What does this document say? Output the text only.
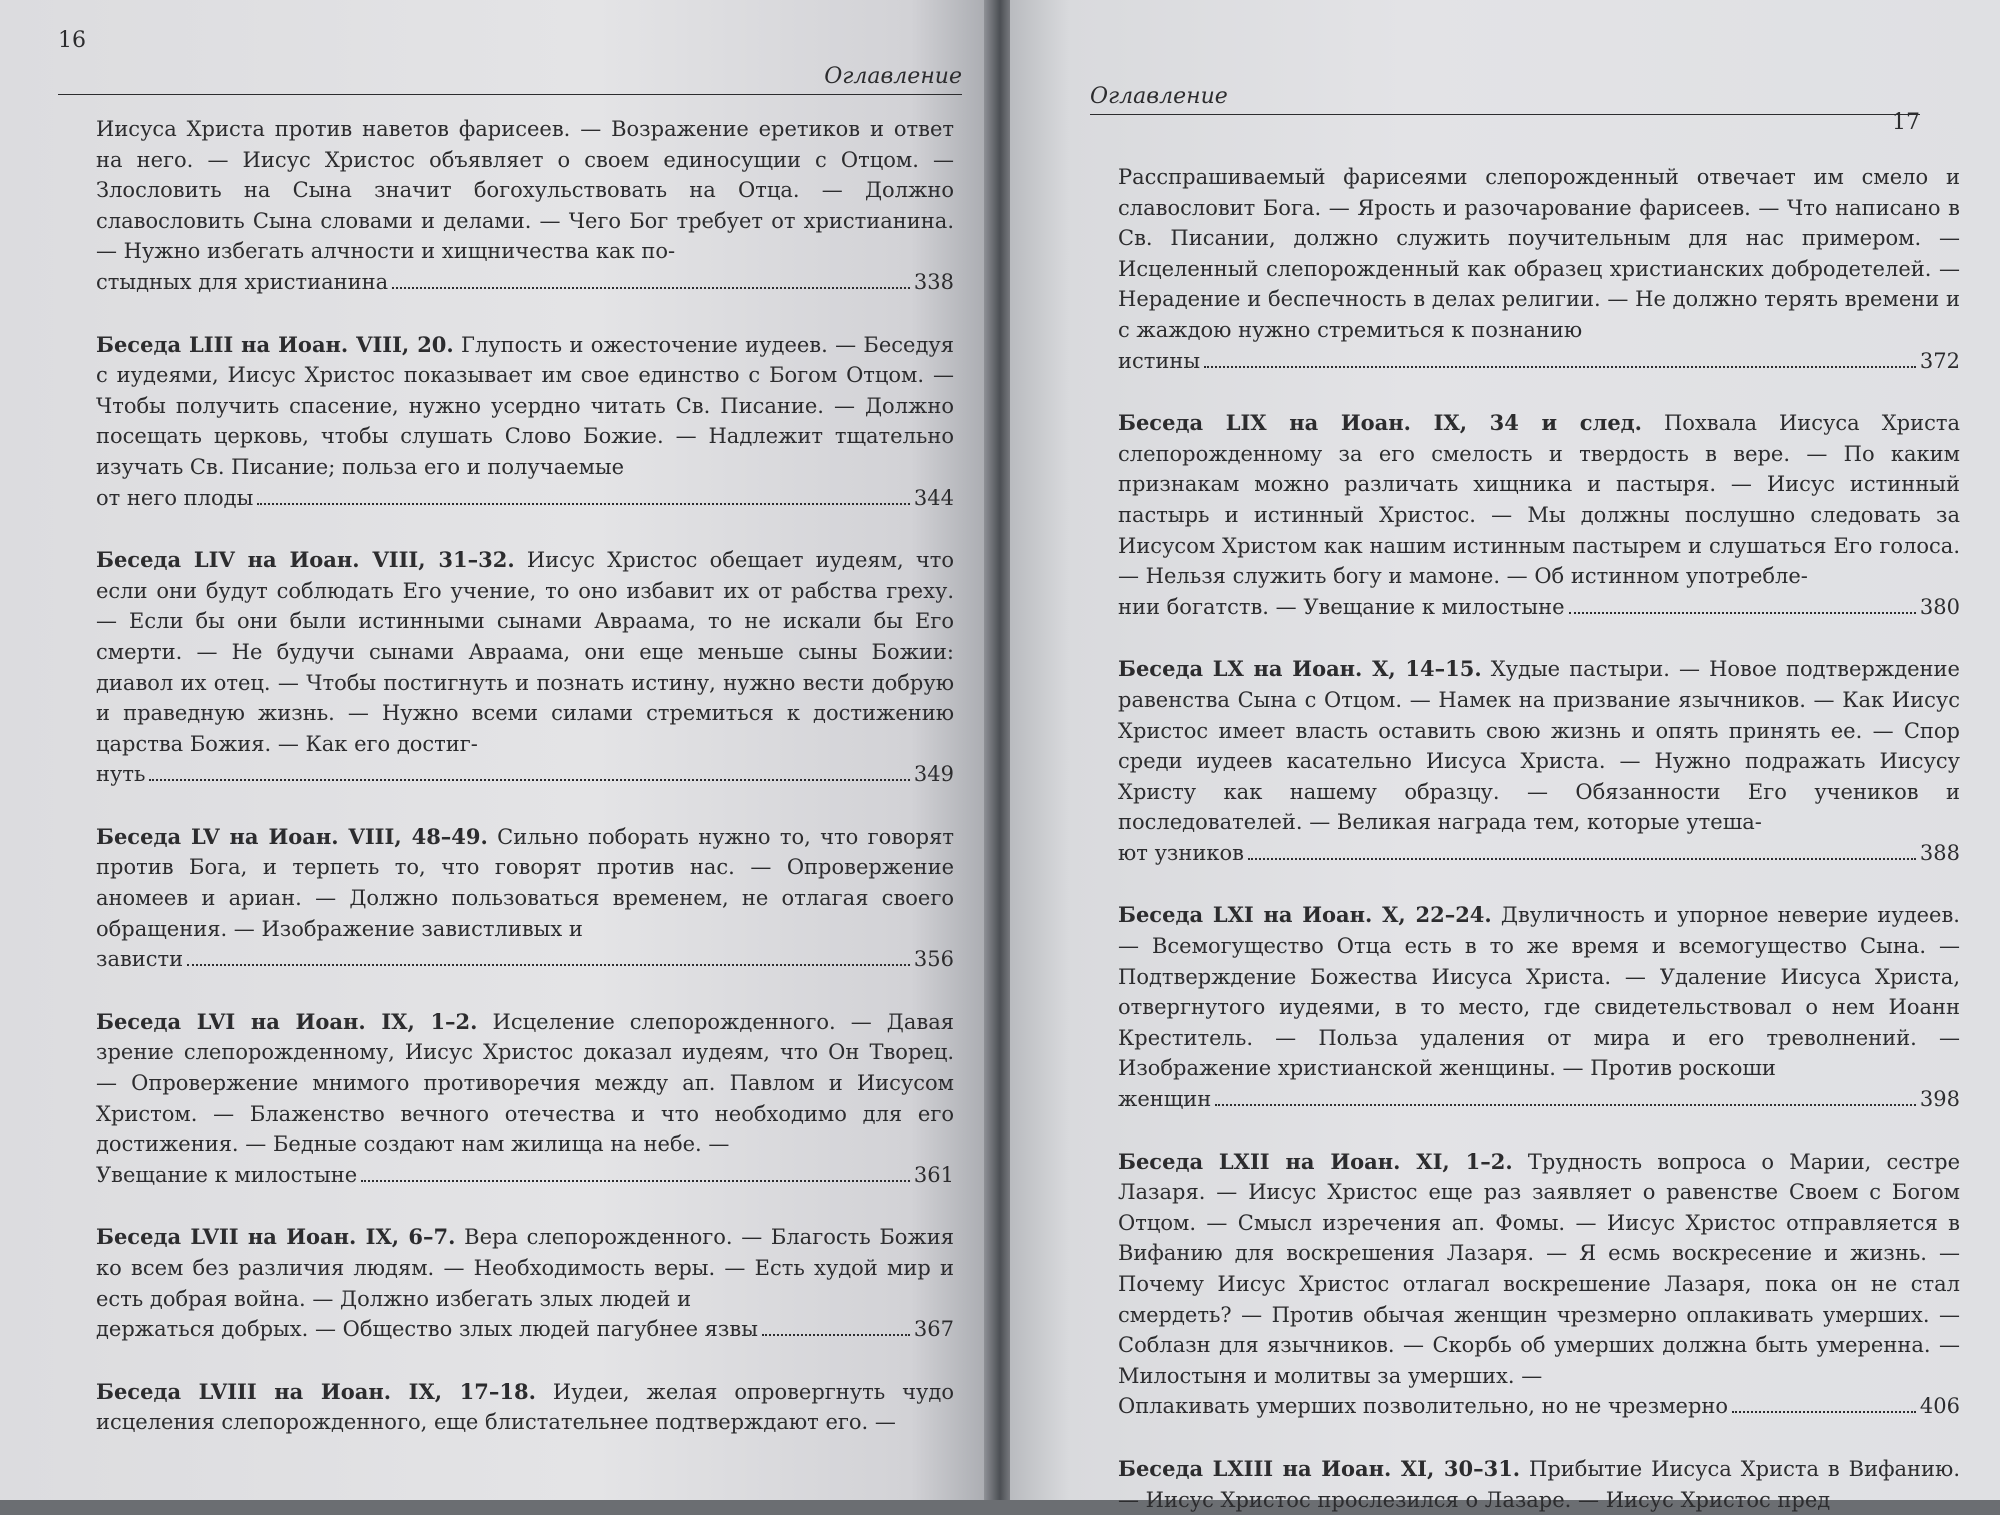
16
Оглавление

Иисуса Христа против наветов фарисеев. — Возражение еретиков и ответ на него. — Иисус Христос объявляет о своем единосущии с Отцом. — Злословить на Сына значит богохульствовать на Отца. — Должно славословить Сына словами и делами. — Чего Бог требует от христианина. — Нужно избегать алчности и хищничества как по-

стыдных для христианина	338

Беседа LIII на Иоан. VIII, 20. Глупость и ожесточение иудеев. — Беседуя с иудеями, Иисус Христос показывает им свое единство с Богом Отцом. — Чтобы получить спасение, нужно усердно читать Св. Писание. — Должно посещать церковь, чтобы слушать Слово Божие. — Надлежит тщательно изучать Св. Писание; польза его и получаемые

от него плоды	344

Беседа LIV на Иоан. VIII, 31–32. Иисус Христос обещает иудеям, что если они будут соблюдать Его учение, то оно избавит их от рабства греху. — Если бы они были истинными сынами Авраама, то не искали бы Его смерти. — Не будучи сынами Авраама, они еще меньше сыны Божии: диавол их отец. — Чтобы постигнуть и познать истину, нужно вести добрую и праведную жизнь. — Нужно всеми силами стремиться к достижению царства Божия. — Как его достиг-

нуть	349

Беседа LV на Иоан. VIII, 48–49. Сильно побoрать нужно то, что говорят против Бога, и терпеть то, что говорят против нас. — Опровержение аномеев и ариан. — Должно пользоваться временем, не отлагая своего обращения. — Изображение завистливых и

зависти	356

Беседа LVI на Иоан. IX, 1–2. Исцеление слепорожденного. — Давая зрение слепорожденному, Иисус Христос доказал иудеям, что Он Творец. — Опровержение мнимого противоречия между ап. Павлом и Иисусом Христом. — Блаженство вечного отечества и что необходимо для его достижения. — Бедные создают нам жилища на небе. —

Увещание к милостыне	361

Беседа LVII на Иоан. IX, 6–7. Вера слепорожденного. — Благость Божия ко всем без различия людям. — Необходимость веры. — Есть худой мир и есть добрая война. — Должно избегать злых людей и

держаться добрых. — Общество злых людей пагубнее язвы	367

Беседа LVIII на Иоан. IX, 17–18. Иудеи, желая опровергнуть чудо исцеления слепорожденного, еще блистательнее подтверждают его. —

Оглавление
17

Расспрашиваемый фарисеями слепорожденный отвечает им смело и славословит Бога. — Ярость и разочарование фарисеев. — Что написано в Св. Писании, должно служить поучительным для нас примером. — Исцеленный слепорожденный как образец христианских добродетелей. — Нерадение и беспечность в делах религии. — Не должно терять времени и с жаждою нужно стремиться к познанию

истины	372

Беседа LIX на Иоан. IX, 34 и след. Похвала Иисуса Христа слепорожденному за его смелость и твердость в вере. — По каким признакам можно различать хищника и пастыря. — Иисус истинный пастырь и истинный Христос. — Мы должны послушно следовать за Иисусом Христом как нашим истинным пастырем и слушаться Его голоса. — Нельзя служить богу и мамоне. — Об истинном употребле-

нии богатств. — Увещание к милостыне	380

Беседа LX на Иоан. X, 14–15. Худые пастыри. — Новое подтверждение равенства Сына с Отцом. — Намек на призвание язычников. — Как Иисус Христос имеет власть оставить свою жизнь и опять принять ее. — Спор среди иудеев касательно Иисуса Христа. — Нужно подражать Иисусу Христу как нашему образцу. — Обязанности Его учеников и последователей. — Великая награда тем, которые утеша-

ют узников	388

Беседа LXI на Иоан. X, 22–24. Двуличность и упорное неверие иудеев. — Всемогущество Отца есть в то же время и всемогущество Сына. — Подтверждение Божества Иисуса Христа. — Удаление Иисуса Христа, отвергнутого иудеями, в то место, где свидетельствовал о нем Иоанн Креститель. — Польза удаления от мира и его треволнений. — Изображение христианской женщины. — Против роскоши

женщин	398

Беседа LXII на Иоан. XI, 1–2. Трудность вопроса о Марии, сестре Лазаря. — Иисус Христос еще раз заявляет о равенстве Своем с Богом Отцом. — Смысл изречения ап. Фомы. — Иисус Христос отправляется в Вифанию для воскрешения Лазаря. — Я есмь воскресение и жизнь. — Почему Иисус Христос отлагал воскрешение Лазаря, пока он не стал смердеть? — Против обычая женщин чрезмерно оплакивать умерших. — Соблазн для язычников. — Скорбь об умерших должна быть умеренна. — Милостыня и молитвы за умерших. —

Оплакивать умерших позволительно, но не чрезмерно	406

Беседа LXIII на Иоан. XI, 30–31. Прибытие Иисуса Христа в Вифанию. — Иисус Христос прослезился о Лазаре. — Иисус Христос пред
